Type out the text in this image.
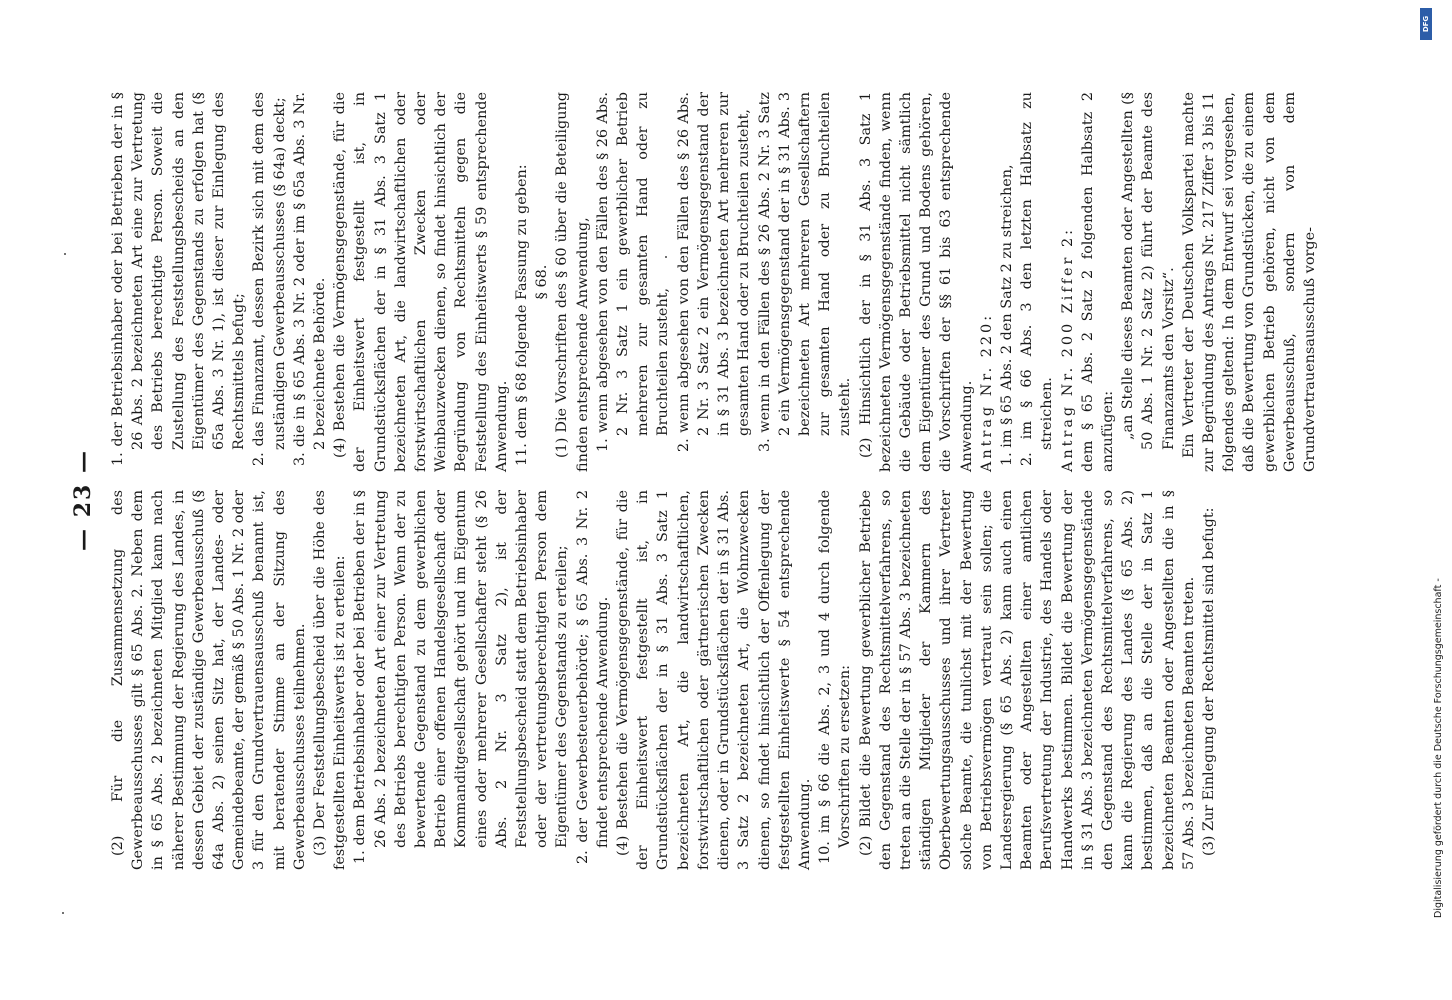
— 23 — (2) Für die Zusammensetzung des Gewerbeausschusses gilt § 65 Abs. 2. Neben dem in § 65 Abs. 2 bezeichneten Mitglied kann nach näherer Bestimmung der Regierung des Landes, in dessen Gebiet der zuständige Gewerbeausschuß (§ 64a Abs. 2) seinen Sitz hat, der Landes- oder Gemeindebeamte, der gemäß § 50 Abs. 1 Nr. 2 oder 3 für den Grundvertrauensausschuß benannt ist, mit beratender Stimme an der Sitzung des Gewerbeausschusses teilnehmen. (3) Der Feststellungsbescheid über die Höhe des festgestellten Einheitswerts ist zu erteilen: 1. dem Betriebsinhaber oder bei Betrieben der in § 26 Abs. 2 bezeichneten Art einer zur Vertretung des Betriebs berechtigten Person. Wenn der zu bewertende Gegenstand zu dem gewerblichen Betrieb einer offenen Handelsgesellschaft oder Kommanditgesellschaft gehört und im Eigentum eines oder mehrerer Gesellschafter steht (§ 26 Abs. 2 Nr. 3 Satz 2), ist der Feststellungsbescheid statt dem Betriebsinhaber oder der vertretungsberechtigten Person dem Eigentümer des Gegenstands zu erteilen; 2. der Gewerbesteuerbehörde; § 65 Abs. 3 Nr. 2 findet entsprechende Anwendung. (4) Bestehen die Vermögensgegenstände, für die der Einheitswert festgestellt ist, in Grundstücksflächen der in § 31 Abs. 3 Satz 1 bezeichneten Art, die landwirtschaftlichen, forstwirtschaftlichen oder gärtnerischen Zwecken dienen, oder in Grundstücksflächen der in § 31 Abs. 3 Satz 2 bezeichneten Art, die Wohnzwecken dienen, so findet hinsichtlich der Offenlegung der festgestellten Einheitswerte § 54 entsprechende Anwendung. 10. im § 66 die Abs. 2, 3 und 4 durch folgende Vorschriften zu ersetzen: (2) Bildet die Bewertung gewerblicher Betriebe den Gegenstand des Rechtsmittelverfahrens, so treten an die Stelle der in § 57 Abs. 3 bezeichneten ständigen Mitglieder der Kammern des Oberbewertungsausschusses und ihrer Vertreter solche Beamte, die tunlichst mit der Bewertung von Betriebsvermögen vertraut sein sollen; die Landesregierung (§ 65 Abs. 2) kann auch einen Beamten oder Angestellten einer amtlichen Berufsvertretung der Industrie, des Handels oder Handwerks bestimmen. Bildet die Bewertung der in § 31 Abs. 3 bezeichneten Vermögensgegenstände den Gegenstand des Rechtsmittelverfahrens, so kann die Regierung des Landes (§ 65 Abs. 2) bestimmen, daß an die Stelle der in Satz 1 bezeichneten Beamten oder Angestellten die in § 57 Abs. 3 bezeichneten Beamten treten. (3) Zur Einlegung der Rechtsmittel sind befugt:

1. der Betriebsinhaber oder bei Betrieben der in § 26 Abs. 2 bezeichneten Art eine zur Vertretung des Betriebs berechtigte Person. Soweit die Zustellung des Feststellungsbescheids an den Eigentümer des Gegenstands zu erfolgen hat (§ 65a Abs. 3 Nr. 1), ist dieser zur Einlegung des Rechtsmittels befugt; 2. das Finanzamt, dessen Bezirk sich mit dem des zuständigen Gewerbeausschusses (§ 64a) deckt; 3. die in § 65 Abs. 3 Nr. 2 oder im § 65a Abs. 3 Nr. 2 bezeichnete Behörde. (4) Bestehen die Vermögensgegenstände, für die der Einheitswert festgestellt ist, in Grundstücksflächen der in § 31 Abs. 3 Satz 1 bezeichneten Art, die landwirtschaftlichen oder forstwirtschaftlichen Zwecken oder Weinbauzwecken dienen, so findet hinsichtlich der Begründung von Rechtsmitteln gegen die Feststellung des Einheitswerts § 59 entsprechende Anwendung. 11. dem § 68 folgende Fassung zu geben: § 68. (1) Die Vorschriften des § 60 über die Beteiligung finden entsprechende Anwendung, 1. wenn abgesehen von den Fällen des § 26 Abs. 2 Nr. 3 Satz 1 ein gewerblicher Betrieb mehreren zur gesamten Hand oder zu Bruchteilen zusteht, 2. wenn abgesehen von den Fällen des § 26 Abs. 2 Nr. 3 Satz 2 ein Vermögensgegenstand der in § 31 Abs. 3 bezeichneten Art mehreren zur gesamten Hand oder zu Bruchteilen zusteht, 3. wenn in den Fällen des § 26 Abs. 2 Nr. 3 Satz 2 ein Vermögensgegenstand der in § 31 Abs. 3 bezeichneten Art mehreren Gesellschaftern zur gesamten Hand oder zu Bruchteilen zusteht. (2) Hinsichtlich der in § 31 Abs. 3 Satz 1 bezeichneten Vermögensgegenstände finden, wenn die Gebäude oder Betriebsmittel nicht sämtlich dem Eigentümer des Grund und Bodens gehören, die Vorschriften der §§ 61 bis 63 entsprechende Anwendung. Antrag Nr. 220: 1. im § 65 Abs. 2 den Satz 2 zu streichen, 2. im § 66 Abs. 3 den letzten Halbsatz zu streichen. Antrag Nr. 200 Ziffer 2: dem § 65 Abs. 2 Satz 2 folgenden Halbsatz 2 anzufügen: „an Stelle dieses Beamten oder Angestellten (§ 50 Abs. 1 Nr. 2 Satz 2) führt der Beamte des Finanzamts den Vorsitz“. Ein Vertreter der Deutschen Volkspartei machte zur Begründung des Antrags Nr. 217 Ziffer 3 bis 11 folgendes geltend: In dem Entwurf sei vorgesehen, daß die Bewertung von Grundstücken, die zu einem gewerblichen Betrieb gehören, nicht von dem Gewerbeausschuß, sondern von dem Grundvertrauensausschuß vorge-

Digitalisierung gefördert durch die Deutsche Forschungsgemeinschaft -
DFG
